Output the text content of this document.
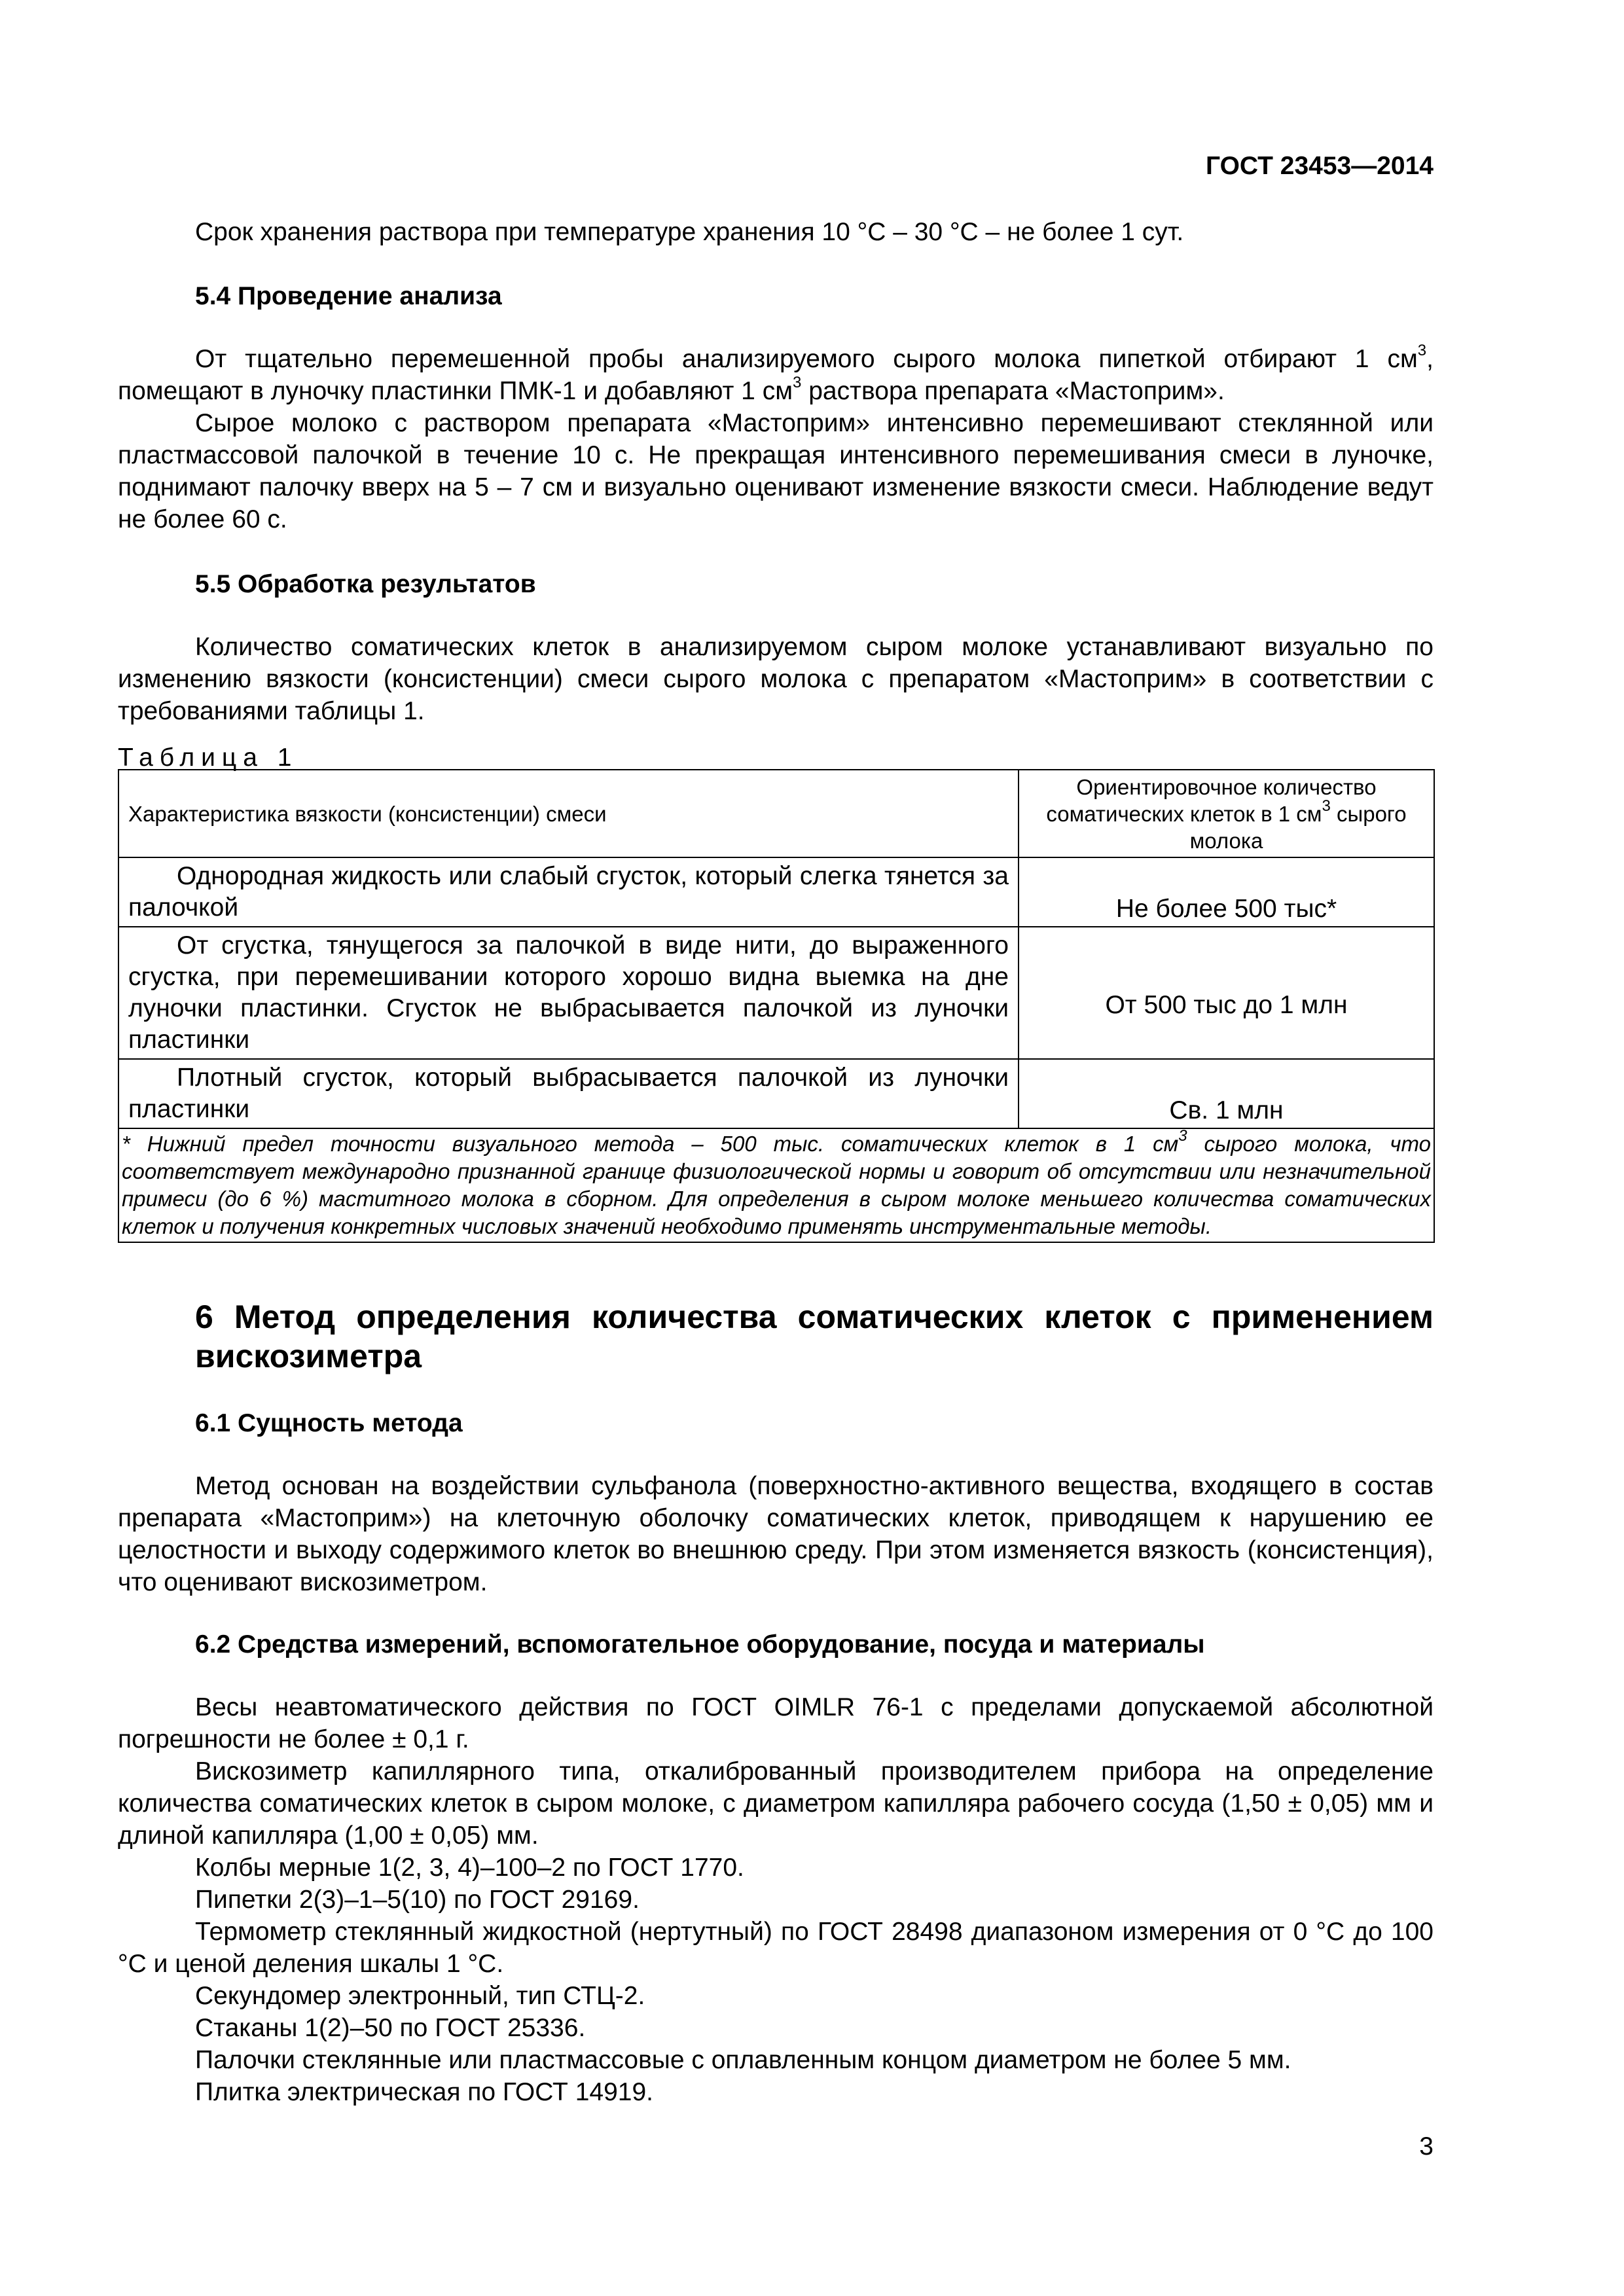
ГОСТ 23453—2014

Срок хранения раствора при температуре хранения 10 °С – 30 °С – не более 1 сут.

5.4 Проведение анализа

От тщательно перемешенной пробы анализируемого сырого молока пипеткой отбирают 1 $см^3$, помещают в луночку пластинки ПМК-1 и добавляют 1 $см^3$ раствора препарата «Мастоприм».

Сырое молоко с раствором препарата «Мастоприм» интенсивно перемешивают стеклянной или пластмассовой палочкой в течение 10 с. Не прекращая интенсивного перемешивания смеси в луночке, поднимают палочку вверх на 5 – 7 см и визуально оценивают изменение вязкости смеси. Наблюдение ведут не более 60 с.

5.5 Обработка результатов

Количество соматических клеток в анализируемом сыром молоке устанавливают визуально по изменению вязкости (консистенции) смеси сырого молока с препаратом «Мастоприм» в соответствии с требованиями таблицы 1.

Таблица 1
Характеристика вязкости (консистенции) смеси	Ориентировочное количество соматических клеток в 1 $см^3$ сырого молока
Однородная жидкость или слабый сгусток, который слегка тянется за палочкой	Не более 500 тыс*
От сгустка, тянущегося за палочкой в виде нити, до выраженного сгустка, при перемешивании которого хорошо видна выемка на дне луночки пластинки. Сгусток не выбрасывается палочкой из луночки пластинки	От 500 тыс до 1 млн
Плотный сгусток, который выбрасывается палочкой из луночки пластинки	Св. 1 млн
* Нижний предел точности визуального метода – 500 тыс. соматических клеток в 1 $см^3$ сырого молока, что соответствует международно признанной границе физиологической нормы и говорит об отсутствии или незначительной примеси (до 6 %) маститного молока в сборном. Для определения в сыром молоке меньшего количества соматических клеток и получения конкретных числовых значений необходимо применять инструментальные методы.	

6 Метод определения количества соматических клеток с применением вискозиметра

6.1 Сущность метода

Метод основан на воздействии сульфанола (поверхностно-активного вещества, входящего в состав препарата «Мастоприм») на клеточную оболочку соматических клеток, приводящем к нарушению ее целостности и выходу содержимого клеток во внешнюю среду. При этом изменяется вязкость (консистенция), что оценивают вискозиметром.

6.2 Средства измерений, вспомогательное оборудование, посуда и материалы

Весы неавтоматического действия по ГОСТ OIMLR 76-1 с пределами допускаемой абсолютной погрешности не более ± 0,1 г.

Вискозиметр капиллярного типа, откалиброванный производителем прибора на определение количества соматических клеток в сыром молоке, с диаметром капилляра рабочего сосуда (1,50 ± 0,05) мм и длиной капилляра (1,00 ± 0,05) мм.

Колбы мерные 1(2, 3, 4)–100–2 по ГОСТ 1770.

Пипетки 2(3)–1–5(10) по ГОСТ 29169.

Термометр стеклянный жидкостной (нертутный) по ГОСТ 28498 диапазоном измерения от 0 °С до 100 °С и ценой деления шкалы 1 °С.

Секундомер электронный, тип СТЦ-2.

Стаканы 1(2)–50 по ГОСТ 25336.

Палочки стеклянные или пластмассовые с оплавленным концом диаметром не более 5 мм.

Плитка электрическая по ГОСТ 14919.

3
